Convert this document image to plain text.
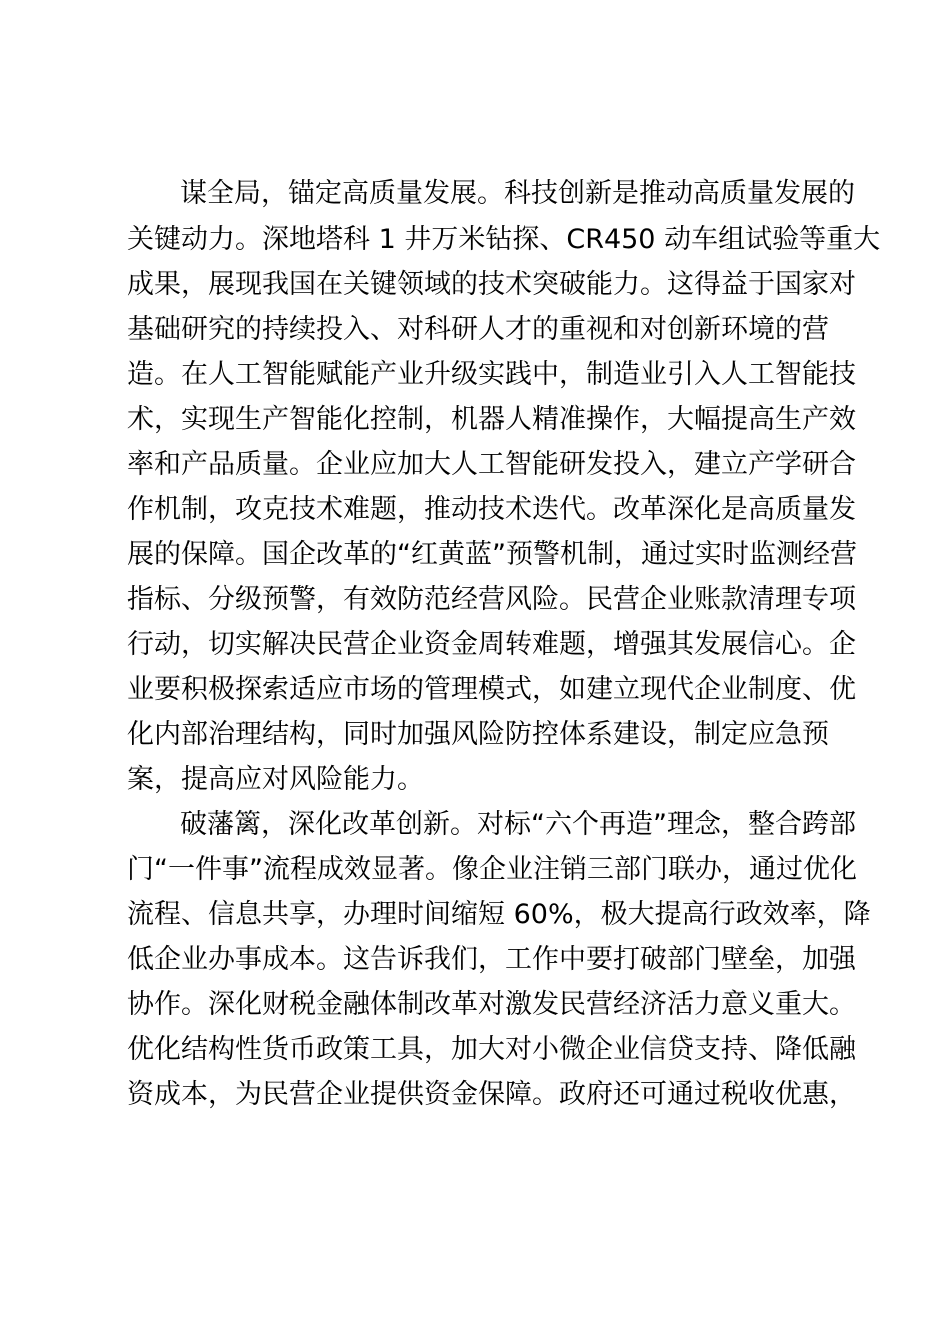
谋全局，锚定高质量发展。科技创新是推动高质量发展的
关键动力。深地塔科 1 井万米钻探、CR450 动车组试验等重大
成果，展现我国在关键领域的技术突破能力。这得益于国家对
基础研究的持续投入、对科研人才的重视和对创新环境的营
造。在人工智能赋能产业升级实践中，制造业引入人工智能技
术，实现生产智能化控制，机器人精准操作，大幅提高生产效
率和产品质量。企业应加大人工智能研发投入，建立产学研合
作机制，攻克技术难题，推动技术迭代。改革深化是高质量发
展的保障。国企改革的“红黄蓝”预警机制，通过实时监测经营
指标、分级预警，有效防范经营风险。民营企业账款清理专项
行动，切实解决民营企业资金周转难题，增强其发展信心。企
业要积极探索适应市场的管理模式，如建立现代企业制度、优
化内部治理结构，同时加强风险防控体系建设，制定应急预
案，提高应对风险能力。
破藩篱，深化改革创新。对标“六个再造”理念，整合跨部
门“一件事”流程成效显著。像企业注销三部门联办，通过优化
流程、信息共享，办理时间缩短 60%，极大提高行政效率，降
低企业办事成本。这告诉我们，工作中要打破部门壁垒，加强
协作。深化财税金融体制改革对激发民营经济活力意义重大。
优化结构性货币政策工具，加大对小微企业信贷支持、降低融
资成本，为民营企业提供资金保障。政府还可通过税收优惠，
